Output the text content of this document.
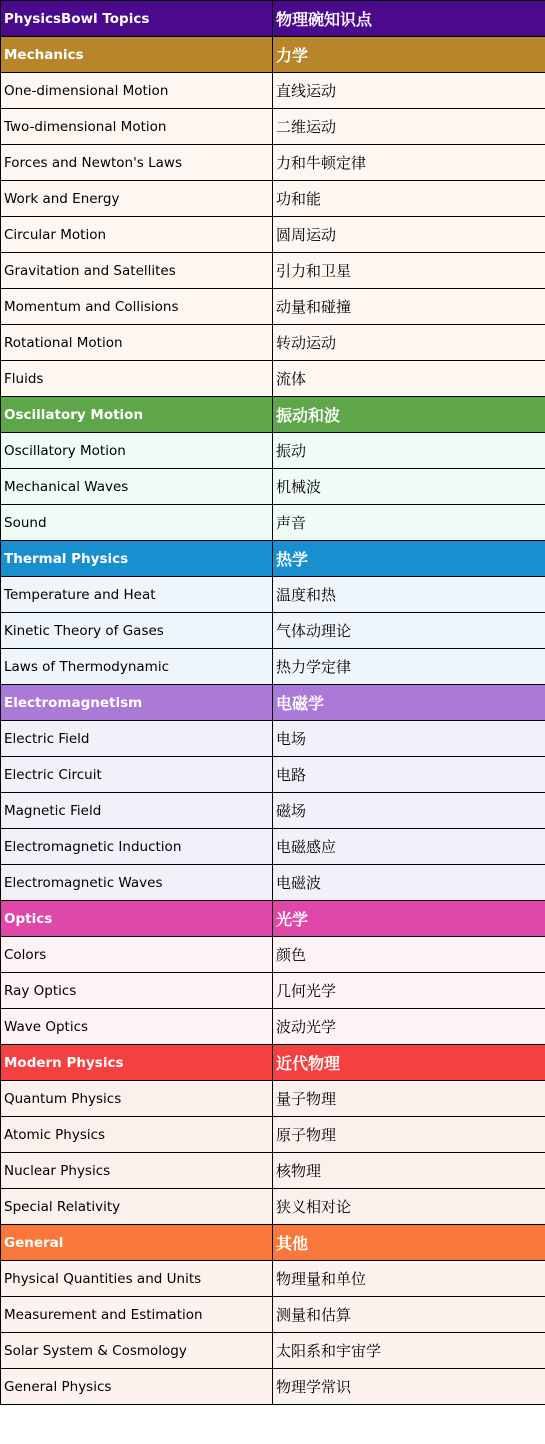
PhysicsBowl Topics	物理碗知识点
Mechanics	力学
One-dimensional Motion	直线运动
Two-dimensional Motion	二维运动
Forces and Newton's Laws	力和牛顿定律
Work and Energy	功和能
Circular Motion	圆周运动
Gravitation and Satellites	引力和卫星
Momentum and Collisions	动量和碰撞
Rotational Motion	转动运动
Fluids	流体
Oscillatory Motion	振动和波
Oscillatory Motion	振动
Mechanical Waves	机械波
Sound	声音
Thermal Physics	热学
Temperature and Heat	温度和热
Kinetic Theory of Gases	气体动理论
Laws of Thermodynamic	热力学定律
Electromagnetism	电磁学
Electric Field	电场
Electric Circuit	电路
Magnetic Field	磁场
Electromagnetic Induction	电磁感应
Electromagnetic Waves	电磁波
Optics	光学
Colors	颜色
Ray Optics	几何光学
Wave Optics	波动光学
Modern Physics	近代物理
Quantum Physics	量子物理
Atomic Physics	原子物理
Nuclear Physics	核物理
Special Relativity	狭义相对论
General	其他
Physical Quantities and Units	物理量和单位
Measurement and Estimation	测量和估算
Solar System & Cosmology	太阳系和宇宙学
General Physics	物理学常识
